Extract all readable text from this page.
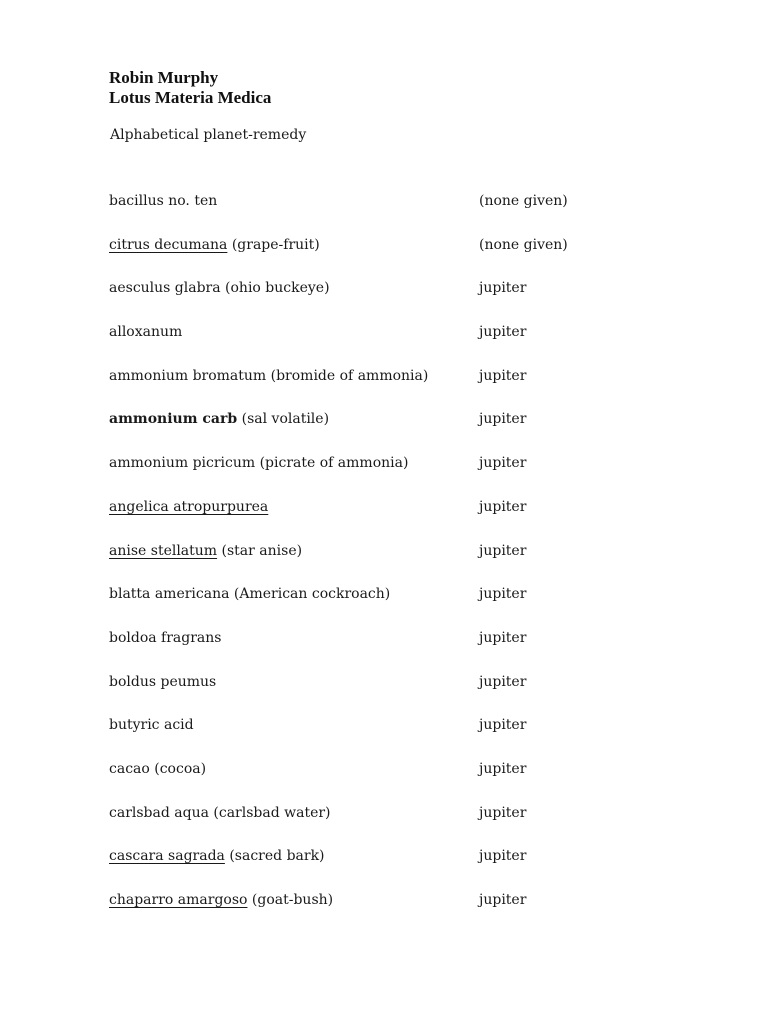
Robin Murphy
Lotus Materia Medica
Alphabetical planet-remedy
bacillus no. ten	(none given)
citrus decumana (grape-fruit)	(none given)
aesculus glabra (ohio buckeye)	jupiter
alloxanum	jupiter
ammonium bromatum (bromide of ammonia)	jupiter
ammonium carb (sal volatile)	jupiter
ammonium picricum (picrate of ammonia)	jupiter
angelica atropurpurea	jupiter
anise stellatum (star anise)	jupiter
blatta americana (American cockroach)	jupiter
boldoa fragrans	jupiter
boldus peumus	jupiter
butyric acid	jupiter
cacao (cocoa)	jupiter
carlsbad aqua (carlsbad water)	jupiter
cascara sagrada (sacred bark)	jupiter
chaparro amargoso (goat-bush)	jupiter
